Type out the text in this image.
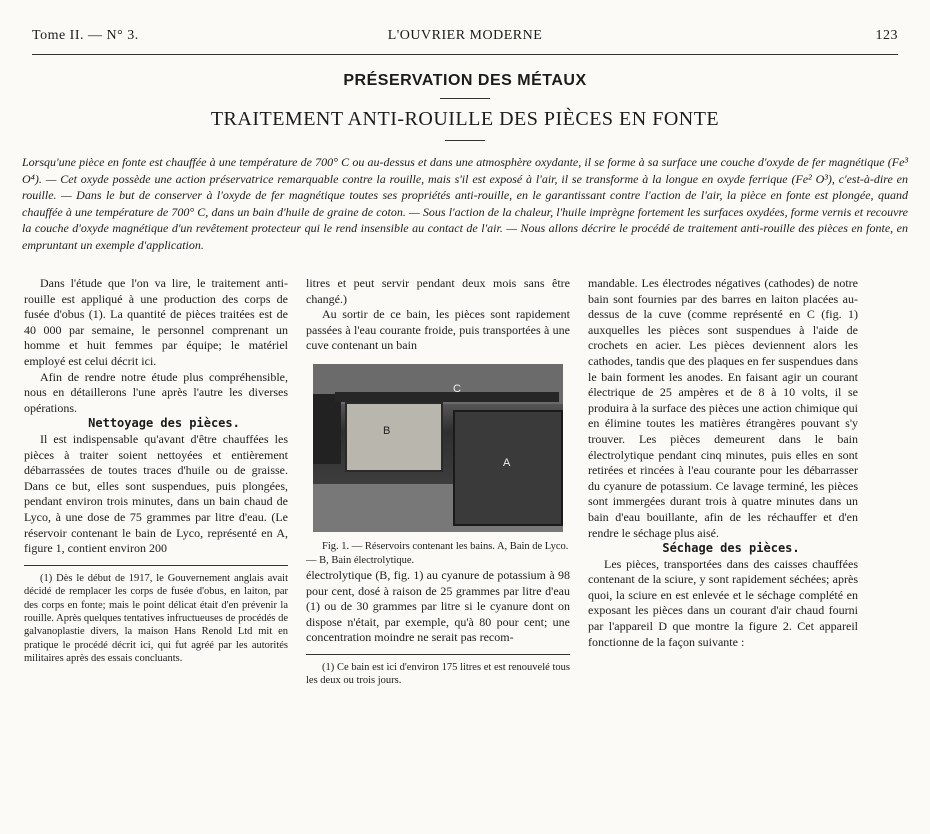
Tome II. — N° 3.	L'OUVRIER MODERNE	123
PRÉSERVATION DES MÉTAUX
TRAITEMENT ANTI-ROUILLE DES PIÈCES EN FONTE
Lorsqu'une pièce en fonte est chauffée à une température de 700° C ou au-dessus et dans une atmosphère oxydante, il se forme à sa surface une couche d'oxyde de fer magnétique (Fe³ O⁴). — Cet oxyde possède une action préservatrice remarquable contre la rouille, mais s'il est exposé à l'air, il se transforme à la longue en oxyde ferrique (Fe² O³), c'est-à-dire en rouille. — Dans le but de conserver à l'oxyde de fer magnétique toutes ses propriétés anti-rouille, en le garantissant contre l'action de l'air, la pièce en fonte est plongée, quand chauffée à une température de 700° C, dans un bain d'huile de graine de coton. — Sous l'action de la chaleur, l'huile imprègne fortement les surfaces oxydées, forme vernis et recouvre la couche d'oxyde magnétique d'un revêtement protecteur qui le rend insensible au contact de l'air. — Nous allons décrire le procédé de traitement anti-rouille des pièces en fonte, en empruntant un exemple d'application.

Dans l'étude que l'on va lire, le traitement anti-rouille est appliqué à une production des corps de fusée d'obus (1). La quantité de pièces traitées est de 40 000 par semaine, le personnel comprenant un homme et huit femmes par équipe; le matériel employé est celui décrit ici.

Afin de rendre notre étude plus compréhensible, nous en détaillerons l'une après l'autre les diverses opérations.

Nettoyage des pièces.

Il est indispensable qu'avant d'être chauffées les pièces à traiter soient nettoyées et entièrement débarrassées de toutes traces d'huile ou de graisse. Dans ce but, elles sont suspendues, puis plongées, pendant environ trois minutes, dans un bain chaud de Lyco, à une dose de 75 grammes par litre d'eau. (Le réservoir contenant le bain de Lyco, représenté en A, figure 1, contient environ 200

(1) Dès le début de 1917, le Gouvernement anglais avait décidé de remplacer les corps de fusée d'obus, en laiton, par des corps en fonte; mais le point délicat était d'en prévenir la rouille. Après quelques tentatives infructueuses de procédés de galvanoplastie divers, la maison Hans Renold Ltd mit en pratique le procédé décrit ici, qui fut agréé par les autorités militaires après des essais concluants.

litres et peut servir pendant deux mois sans être changé.)

Au sortir de ce bain, les pièces sont rapidement passées à l'eau courante froide, puis transportées à une cuve contenant un bain

B
A
C

Fig. 1. — Réservoirs contenant les bains. A, Bain de Lyco. — B, Bain électrolytique.

électrolytique (B, fig. 1) au cyanure de potassium à 98 pour cent, dosé à raison de 25 grammes par litre d'eau (1) ou de 30 grammes par litre si le cyanure dont on dispose n'était, par exemple, qu'à 80 pour cent; une concentration moindre ne serait pas recom-

(1) Ce bain est ici d'environ 175 litres et est renouvelé tous les deux ou trois jours.

mandable. Les électrodes négatives (cathodes) de notre bain sont fournies par des barres en laiton placées au-dessus de la cuve (comme représenté en C (fig. 1) auxquelles les pièces sont suspendues à l'aide de crochets en acier. Les pièces deviennent alors les cathodes, tandis que des plaques en fer suspendues dans le bain forment les anodes. En faisant agir un courant électrique de 25 ampères et de 8 à 10 volts, il se produira à la surface des pièces une action chimique qui en élimine toutes les matières étrangères pouvant s'y trouver. Les pièces demeurent dans le bain électrolytique pendant cinq minutes, puis elles en sont retirées et rincées à l'eau courante pour les débarrasser du cyanure de potassium. Ce lavage terminé, les pièces sont immergées durant trois à quatre minutes dans un bain d'eau bouillante, afin de les réchauffer et d'en rendre le séchage plus aisé.

Séchage des pièces.

Les pièces, transportées dans des caisses chauffées contenant de la sciure, y sont rapidement séchées; après quoi, la sciure en est enlevée et le séchage complété en exposant les pièces dans un courant d'air chaud fourni par l'appareil D que montre la figure 2. Cet appareil fonctionne de la façon suivante :
